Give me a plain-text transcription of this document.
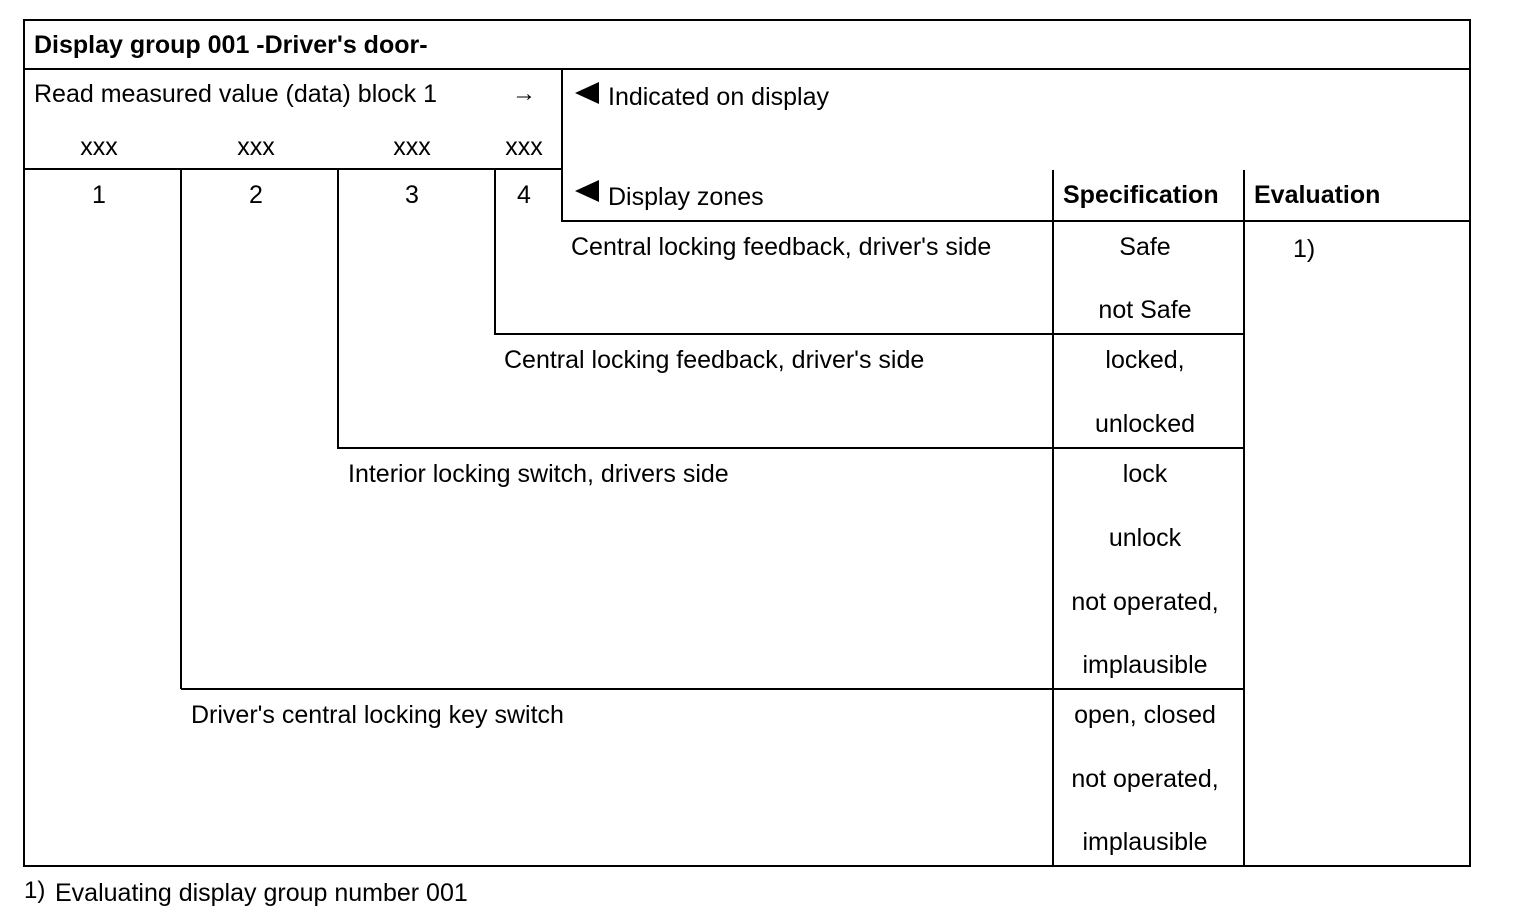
Display group 001 -Driver's door-
Read measured value (data) block 1	→
xxx	xxx	xxx	xxx
1	2	3	4
Indicated on display
Display zones	Specification Evaluation
Central locking feedback, driver's side	Safe
not Safe
1)
Central locking feedback, driver's side	locked,
unlocked
Interior locking switch, drivers side	lock
unlock
not operated,
implausible
Driver's central locking key switch	open, closed
not operated,
implausible
1) Evaluating display group number 001
